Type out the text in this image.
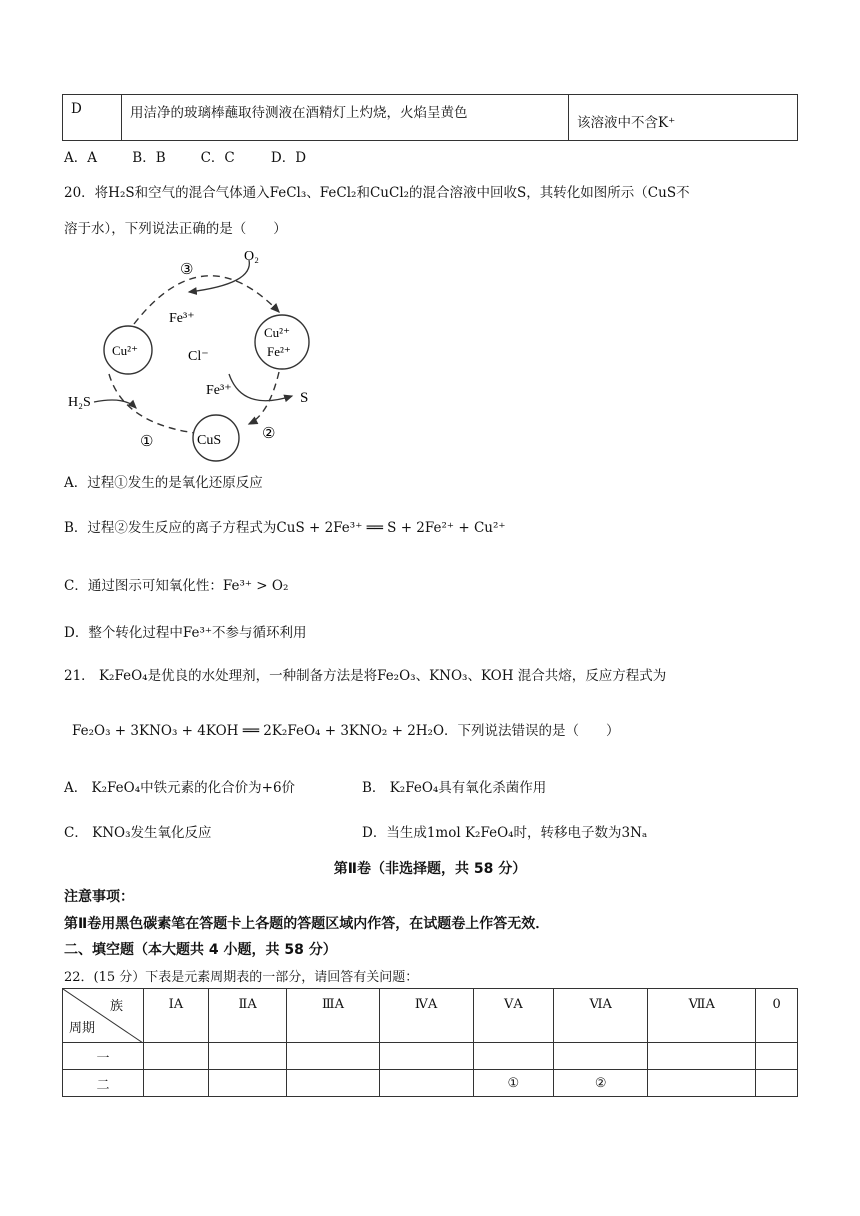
D	用洁净的玻璃棒蘸取待测液在酒精灯上灼烧，火焰呈黄色	该溶液中不含K⁺
A．A	B．B	C．C	D．D
20．将H₂S和空气的混合气体通入FeCl₃、FeCl₂和CuCl₂的混合溶液中回收S，其转化如图所示（CuS不
溶于水），下列说法正确的是（　　）
O₂
③
Fe³⁺
Cu²⁺	Cl⁻
Cu²⁺
Fe²⁺
Fe³⁺
H₂S	S
CuS
①	②
A．过程①发生的是氧化还原反应
B．过程②发生反应的离子方程式为CuS + 2Fe³⁺ ══ S + 2Fe²⁺ + Cu²⁺
C．通过图示可知氧化性：Fe³⁺ > O₂
D．整个转化过程中Fe³⁺不参与循环利用
21． K₂FeO₄是优良的水处理剂，一种制备方法是将Fe₂O₃、KNO₃、KOH 混合共熔，反应方程式为
Fe₂O₃ + 3KNO₃ + 4KOH ══ 2K₂FeO₄ + 3KNO₂ + 2H₂O．下列说法错误的是（　　）
A． K₂FeO₄中铁元素的化合价为+6价	B． K₂FeO₄具有氧化杀菌作用
C． KNO₃发生氧化反应	D．当生成1mol K₂FeO₄时，转移电子数为3Nₐ
第Ⅱ卷（非选择题，共 58 分）
注意事项：
第Ⅱ卷用黑色碳素笔在答题卡上各题的答题区域内作答，在试题卷上作答无效．
二、填空题（本大题共 4 小题，共 58 分）
22．(15 分）下表是元素周期表的一部分，请回答有关问题：
族
周期	ⅠA	ⅡA	ⅢA	ⅣA	ⅤA	ⅥA	ⅦA	0
一								
二					①	②		
